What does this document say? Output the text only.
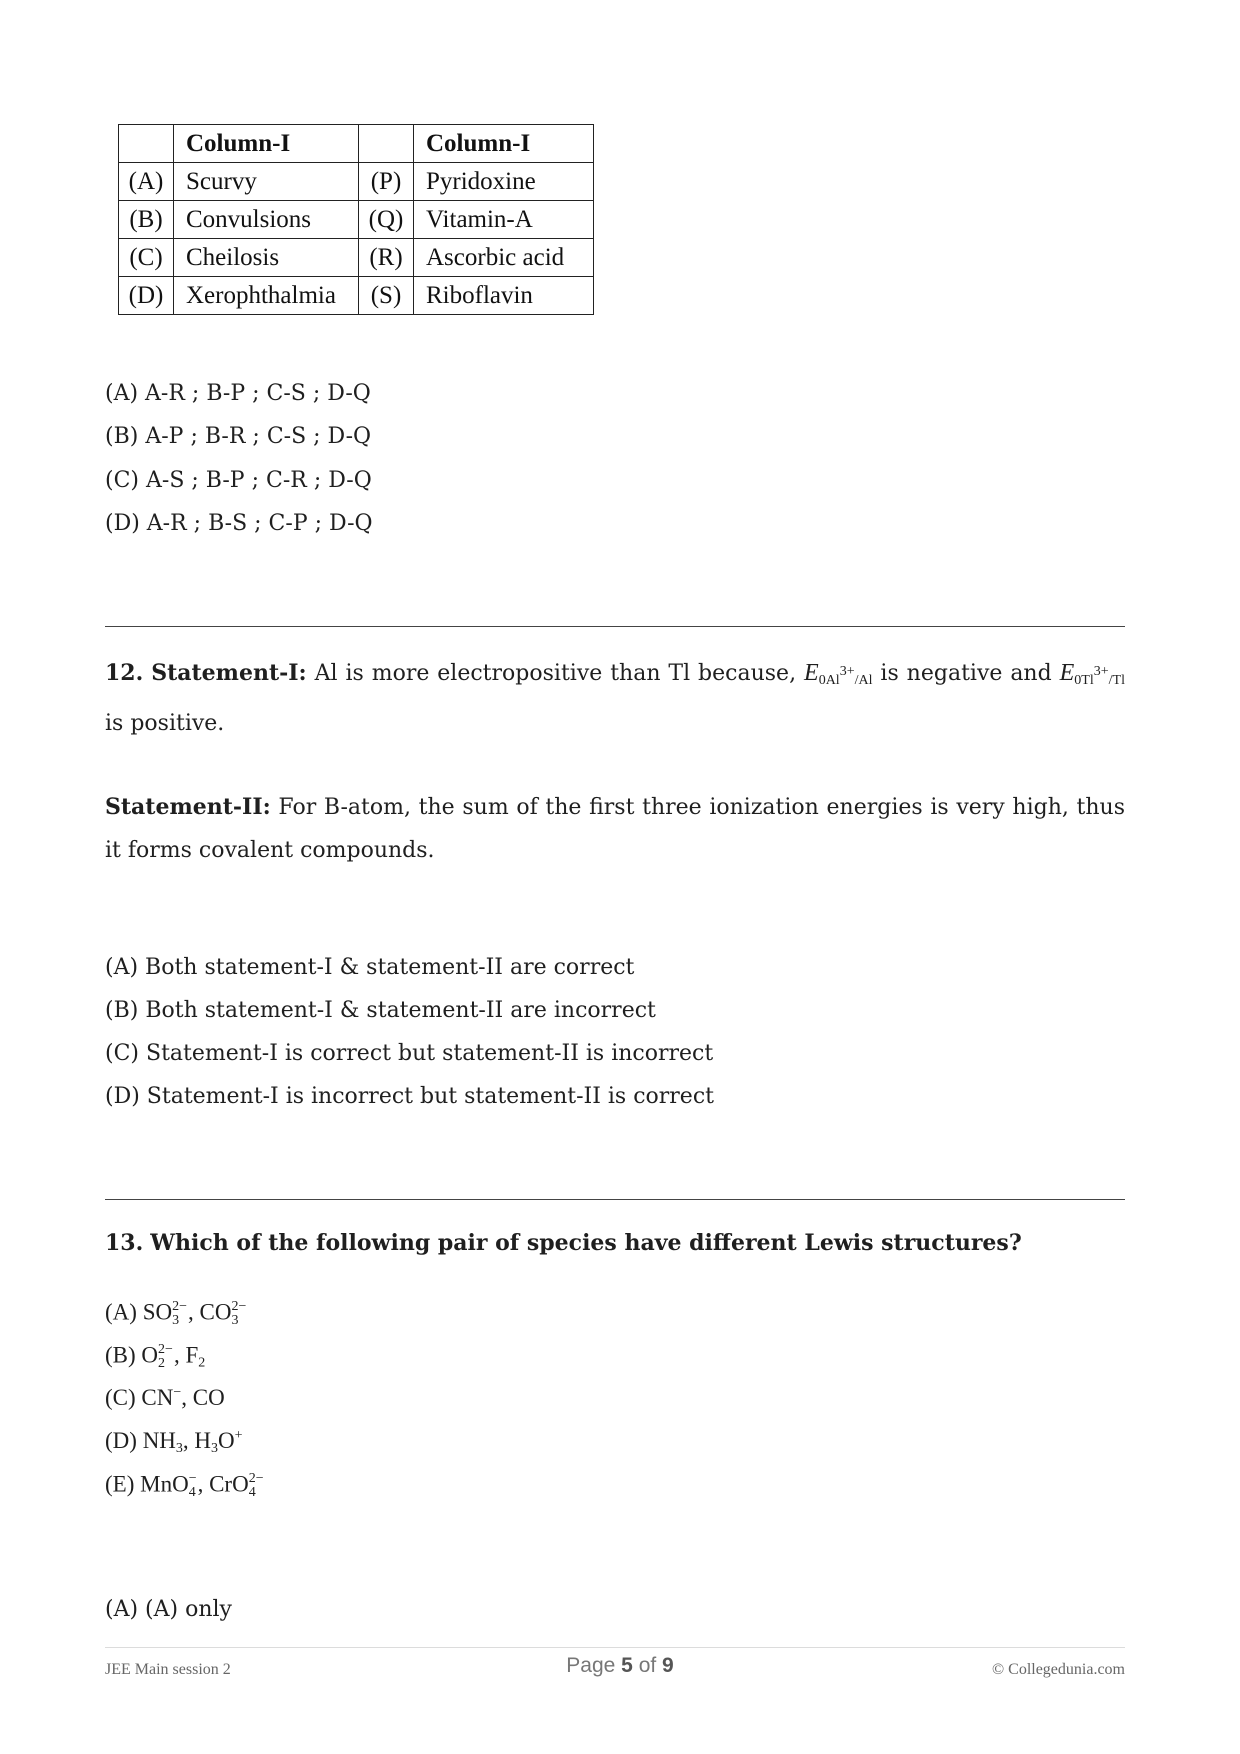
	Column-I		Column-I
(A)	Scurvy	(P)	Pyridoxine
(B)	Convulsions	(Q)	Vitamin-A
(C)	Cheilosis	(R)	Ascorbic acid
(D)	Xerophthalmia	(S)	Riboflavin
(A) A-R ; B-P ; C-S ; D-Q
(B) A-P ; B-R ; C-S ; D-Q
(C) A-S ; B-P ; C-R ; D-Q
(D) A-R ; B-S ; C-P ; D-Q
12. Statement-I: Al is more electropositive than Tl because, $E_{0Al^{3+}/Al}$ is negative and $E_{0Tl^{3+}/Tl}$ is positive.
Statement-II: For B-atom, the sum of the first three ionization energies is very high, thus it forms covalent compounds.
(A) Both statement-I & statement-II are correct
(B) Both statement-I & statement-II are incorrect
(C) Statement-I is correct but statement-II is incorrect
(D) Statement-I is incorrect but statement-II is correct
13. Which of the following pair of species have different Lewis structures?
(A) SO 2−
3 , CO 2−
3
(B) O 2−
2 , $F_2$
(C) CN−, CO
(D) $NH_3$, $H_3O^+$
(E) MnO −
4 , CrO 2−
4
(A) (A) only
JEE Main session 2	Page 5 of 9	© Collegedunia.com
